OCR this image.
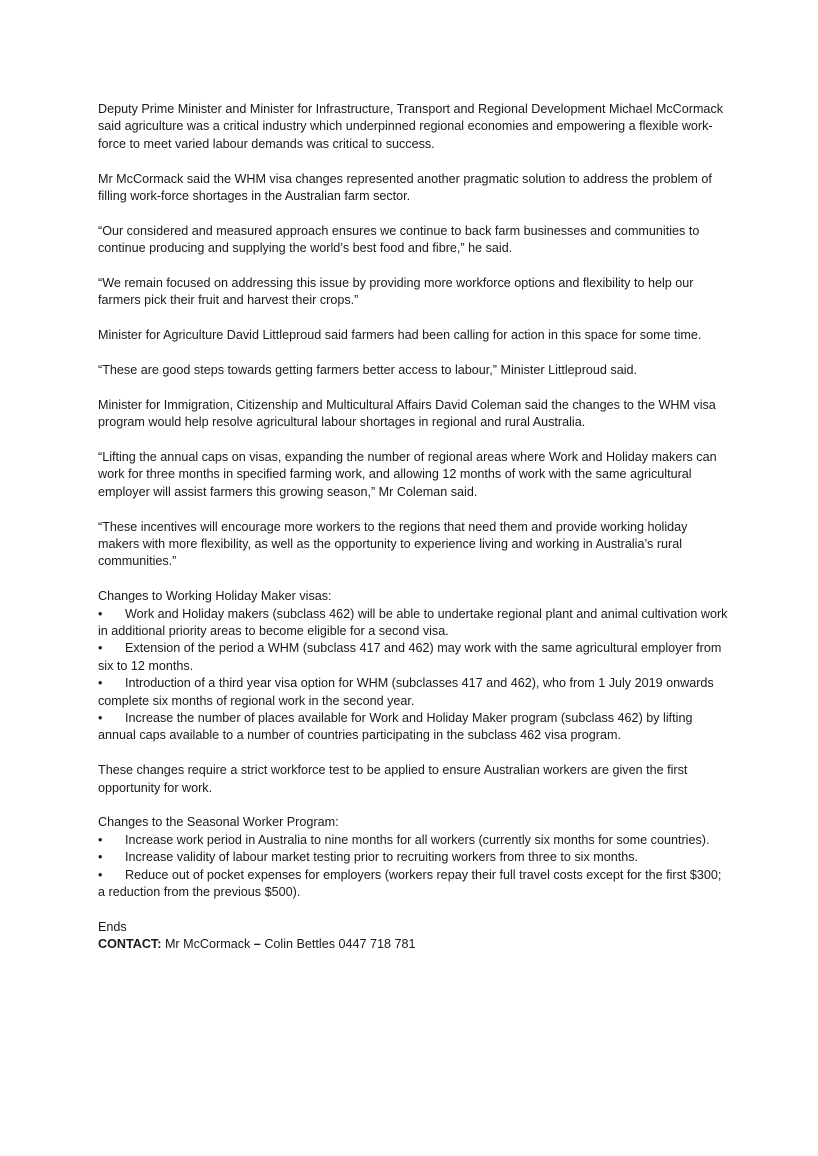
Deputy Prime Minister and Minister for Infrastructure, Transport and Regional Development Michael McCormack said agriculture was a critical industry which underpinned regional economies and empowering a flexible work-force to meet varied labour demands was critical to success.

Mr McCormack said the WHM visa changes represented another pragmatic solution to address the problem of filling work-force shortages in the Australian farm sector.

“Our considered and measured approach ensures we continue to back farm businesses and communities to continue producing and supplying the world’s best food and fibre,” he said.

“We remain focused on addressing this issue by providing more workforce options and flexibility to help our farmers pick their fruit and harvest their crops.”

Minister for Agriculture David Littleproud said farmers had been calling for action in this space for some time.

“These are good steps towards getting farmers better access to labour,” Minister Littleproud said.

Minister for Immigration, Citizenship and Multicultural Affairs David Coleman said the changes to the WHM visa program would help resolve agricultural labour shortages in regional and rural Australia.

“Lifting the annual caps on visas, expanding the number of regional areas where Work and Holiday makers can work for three months in specified farming work, and allowing 12 months of work with the same agricultural employer will assist farmers this growing season,” Mr Coleman said.

“These incentives will encourage more workers to the regions that need them and provide working holiday makers with more flexibility, as well as the opportunity to experience living and working in Australia’s rural communities.”

Changes to Working Holiday Maker visas:

• Work and Holiday makers (subclass 462) will be able to undertake regional plant and animal cultivation work in additional priority areas to become eligible for a second visa.
• Extension of the period a WHM (subclass 417 and 462) may work with the same agricultural employer from six to 12 months.
• Introduction of a third year visa option for WHM (subclasses 417 and 462), who from 1 July 2019 onwards complete six months of regional work in the second year.
• Increase the number of places available for Work and Holiday Maker program (subclass 462) by lifting annual caps available to a number of countries participating in the subclass 462 visa program.

These changes require a strict workforce test to be applied to ensure Australian workers are given the first opportunity for work.

Changes to the Seasonal Worker Program:

• Increase work period in Australia to nine months for all workers (currently six months for some countries).
• Increase validity of labour market testing prior to recruiting workers from three to six months.
• Reduce out of pocket expenses for employers (workers repay their full travel costs except for the first $300; a reduction from the previous $500).

Ends

CONTACT: Mr McCormack – Colin Bettles 0447 718 781
